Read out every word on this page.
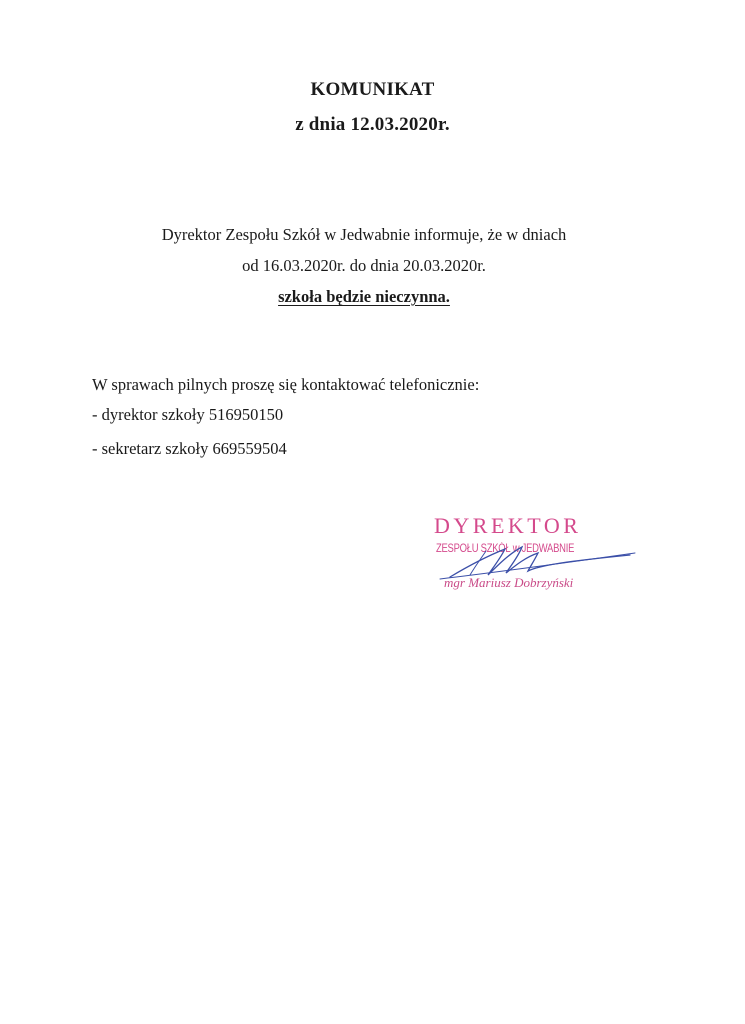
KOMUNIKAT
z dnia 12.03.2020r.
Dyrektor Zespołu Szkół w Jedwabnie informuje, że w dniach
od 16.03.2020r. do dnia 20.03.2020r.
szkoła będzie nieczynna.
W sprawach pilnych proszę się kontaktować telefonicznie:
- dyrektor szkoły 516950150
- sekretarz szkoły 669559504
DYREKTOR
ZESPOŁU SZKÓŁ w JEDWABNIE
mgr Mariusz Dobrzyński
